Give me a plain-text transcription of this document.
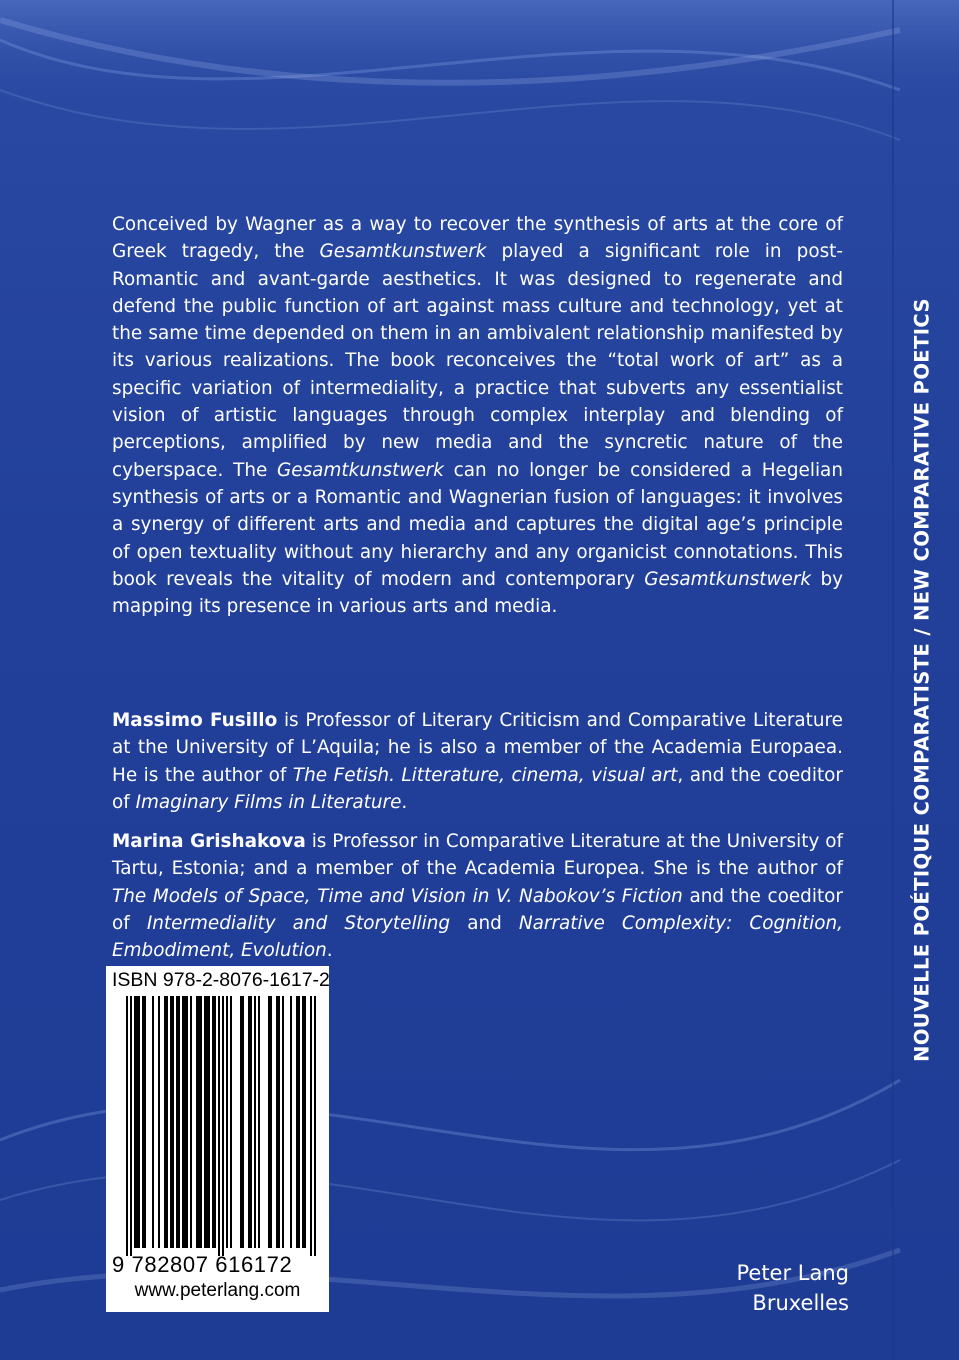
Conceived by Wagner as a way to recover the synthesis of arts at the core of Greek tragedy, the Gesamtkunstwerk played a significant role in post-Romantic and avant-garde aesthetics. It was designed to regenerate and defend the public function of art against mass culture and technology, yet at the same time depended on them in an ambivalent relationship manifested by its various realizations. The book reconceives the “total work of art” as a specific variation of intermediality, a practice that subverts any essentialist vision of artistic languages through complex interplay and blending of perceptions, amplified by new media and the syncretic nature of the cyberspace. The Gesamtkunstwerk can no longer be considered a Hegelian synthesis of arts or a Romantic and Wagnerian fusion of languages: it involves a synergy of different arts and media and captures the digital age’s principle of open textuality without any hierarchy and any organicist connotations. This book reveals the vitality of modern and contemporary Gesamtkunstwerk by mapping its presence in various arts and media.

Massimo Fusillo is Professor of Literary Criticism and Comparative Literature at the University of L’Aquila; he is also a member of the Academia Europaea. He is the author of The Fetish. Litterature, cinema, visual art, and the coeditor of Imaginary Films in Literature.

Marina Grishakova is Professor in Comparative Literature at the University of Tartu, Estonia; and a member of the Academia Europea. She is the author of The Models of Space, Time and Vision in V. Nabokov’s Fiction and the coeditor of Intermediality and Storytelling and Narrative Complexity: Cognition, Embodiment, Evolution.	NOUVELLE POÉTIQUE COMPARATISTE / NEW COMPARATIVE POETICS
ISBN 978-2-8076-1617-2
9 782807 616172
www.peterlang.com
Peter Lang
Bruxelles
